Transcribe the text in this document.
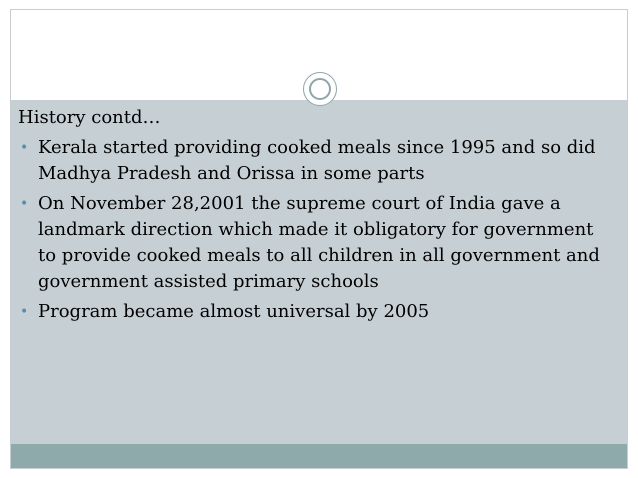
History contd…

• Kerala started providing cooked meals since 1995 and so did Madhya Pradesh and Orissa in some parts
• On November 28,2001 the supreme court of India gave a landmark direction which made it obligatory for government to provide cooked meals to all children in all government and government assisted primary schools
• Program became almost universal by 2005
